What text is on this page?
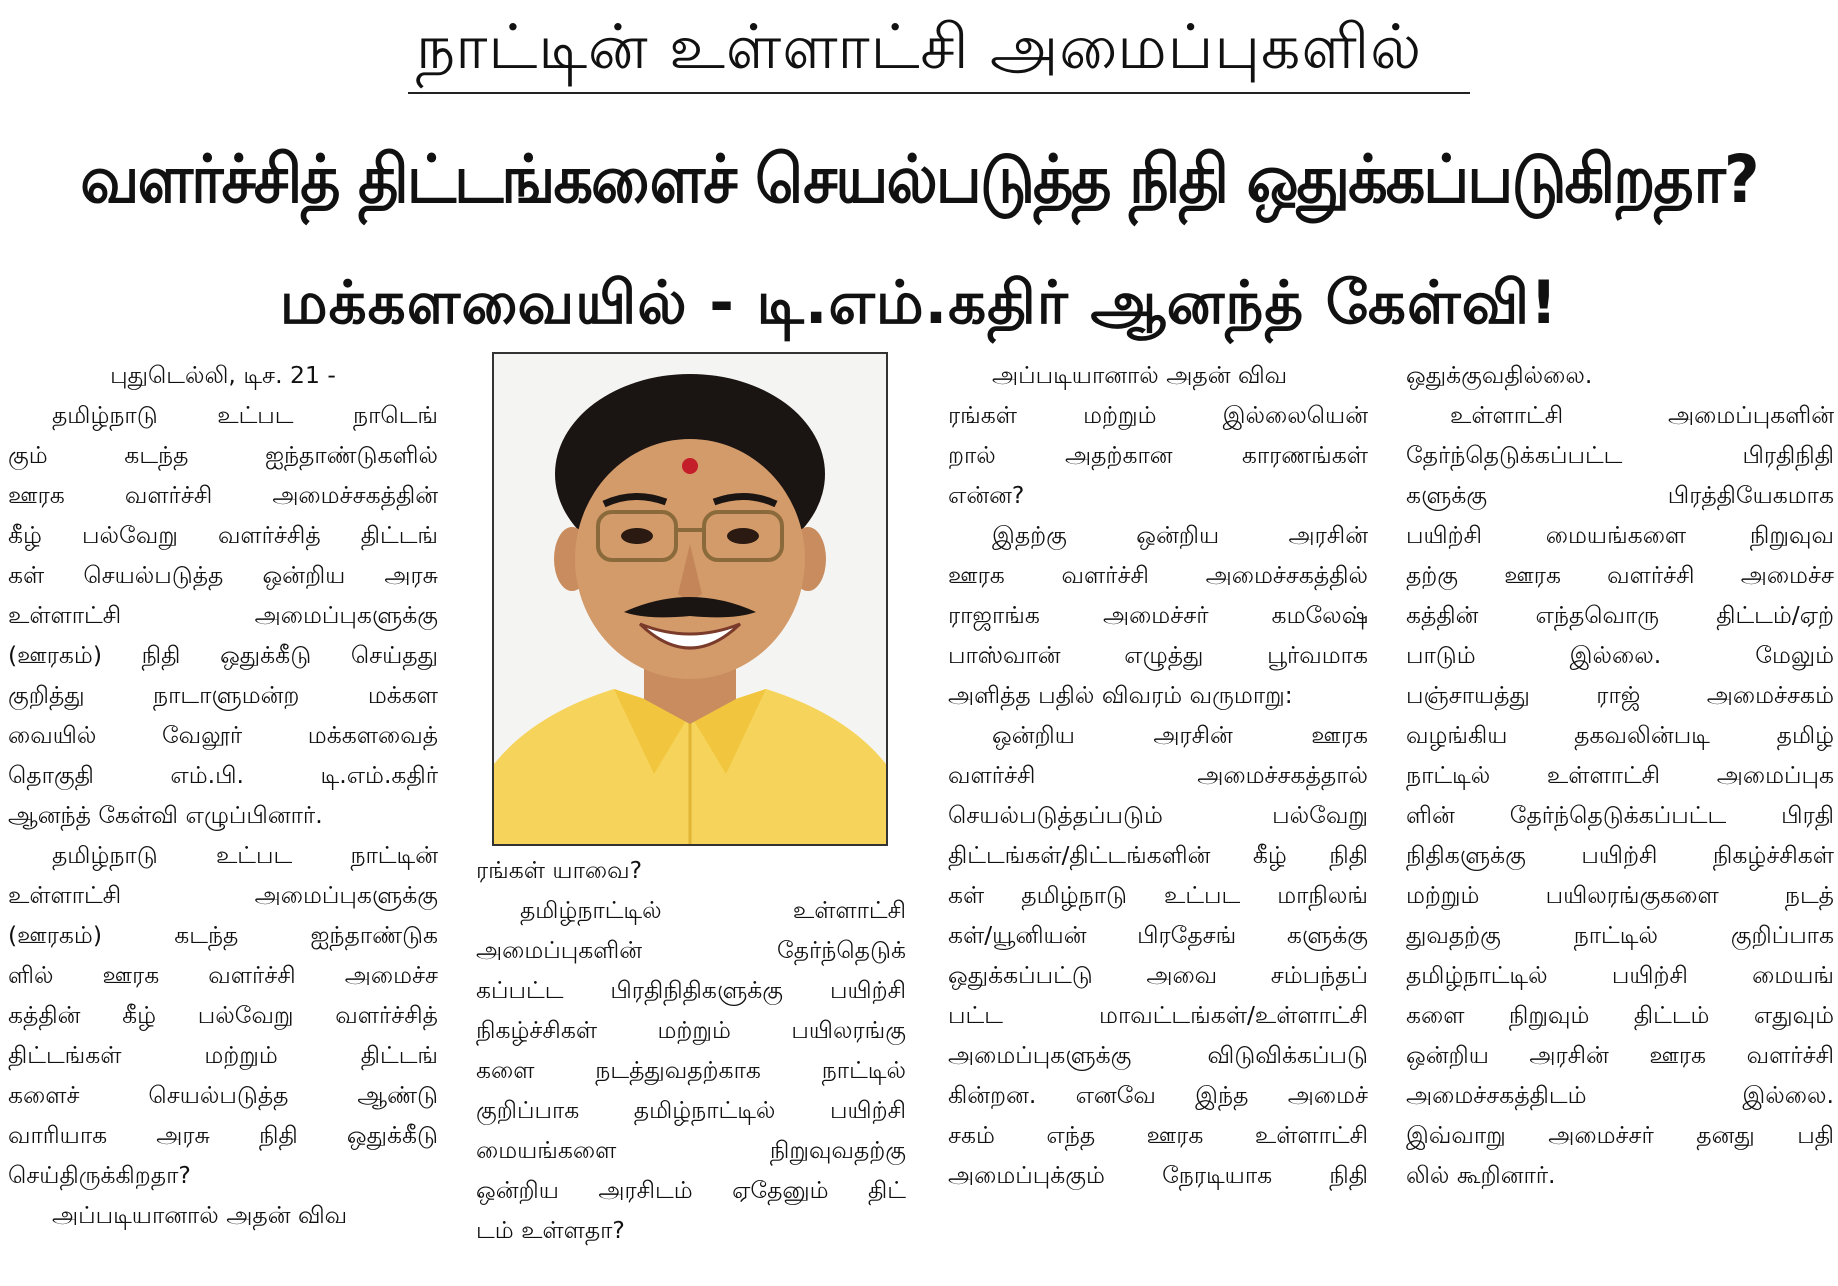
நாட்டின் உள்ளாட்சி அமைப்புகளில்
வளர்ச்சித் திட்டங்களைச் செயல்படுத்த நிதி ஒதுக்கப்படுகிறதா?
மக்களவையில் - டி.எம்.கதிர் ஆனந்த் கேள்வி!
புதுடெல்லி, டிச. 21 -
தமிழ்நாடு உட்பட நாடெங்
கும் கடந்த ஐந்தாண்டுகளில்
ஊரக வளர்ச்சி அமைச்சகத்தின்
கீழ் பல்வேறு வளர்ச்சித் திட்டங்
கள் செயல்படுத்த ஒன்றிய அரசு
உள்ளாட்சி அமைப்புகளுக்கு
(ஊரகம்) நிதி ஒதுக்கீடு செய்தது
குறித்து நாடாளுமன்ற மக்கள
வையில் வேலூர் மக்களவைத்
தொகுதி எம்.பி. டி.எம்.கதிர்
ஆனந்த் கேள்வி எழுப்பினார்.
தமிழ்நாடு உட்பட நாட்டின்
உள்ளாட்சி அமைப்புகளுக்கு
(ஊரகம்) கடந்த ஐந்தாண்டுக
ளில் ஊரக வளர்ச்சி அமைச்ச
கத்தின் கீழ் பல்வேறு வளர்ச்சித்
திட்டங்கள் மற்றும் திட்டங்
களைச் செயல்படுத்த ஆண்டு
வாரியாக அரசு நிதி ஒதுக்கீடு
செய்திருக்கிறதா?
அப்படியானால் அதன் விவ
ரங்கள் யாவை?
தமிழ்நாட்டில் உள்ளாட்சி
அமைப்புகளின் தேர்ந்தெடுக்
கப்பட்ட பிரதிநிதிகளுக்கு பயிற்சி
நிகழ்ச்சிகள் மற்றும் பயிலரங்கு
களை நடத்துவதற்காக நாட்டில்
குறிப்பாக தமிழ்நாட்டில் பயிற்சி
மையங்களை நிறுவுவதற்கு
ஒன்றிய அரசிடம் ஏதேனும் திட்
டம் உள்ளதா?
அப்படியானால் அதன் விவ
ரங்கள் மற்றும் இல்லையென்
றால் அதற்கான காரணங்கள்
என்ன?
இதற்கு ஒன்றிய அரசின்
ஊரக வளர்ச்சி அமைச்சகத்தில்
ராஜாங்க அமைச்சர் கமலேஷ்
பாஸ்வான் எழுத்து பூர்வமாக
அளித்த பதில் விவரம் வருமாறு:
ஒன்றிய அரசின் ஊரக
வளர்ச்சி அமைச்சகத்தால்
செயல்படுத்தப்படும் பல்வேறு
திட்டங்கள்/திட்டங்களின் கீழ் நிதி
கள் தமிழ்நாடு உட்பட மாநிலங்
கள்/யூனியன் பிரதேசங் களுக்கு
ஒதுக்கப்பட்டு அவை சம்பந்தப்
பட்ட மாவட்டங்கள்/உள்ளாட்சி
அமைப்புகளுக்கு விடுவிக்கப்படு
கின்றன. எனவே இந்த அமைச்
சகம் எந்த ஊரக உள்ளாட்சி
அமைப்புக்கும் நேரடியாக நிதி
ஒதுக்குவதில்லை.
உள்ளாட்சி அமைப்புகளின்
தேர்ந்தெடுக்கப்பட்ட பிரதிநிதி
களுக்கு பிரத்தியேகமாக
பயிற்சி மையங்களை நிறுவுவ
தற்கு ஊரக வளர்ச்சி அமைச்ச
கத்தின் எந்தவொரு திட்டம்/ஏற்
பாடும் இல்லை. மேலும்
பஞ்சாயத்து ராஜ் அமைச்சகம்
வழங்கிய தகவலின்படி தமிழ்
நாட்டில் உள்ளாட்சி அமைப்புக
ளின் தேர்ந்தெடுக்கப்பட்ட பிரதி
நிதிகளுக்கு பயிற்சி நிகழ்ச்சிகள்
மற்றும் பயிலரங்குகளை நடத்
துவதற்கு நாட்டில் குறிப்பாக
தமிழ்நாட்டில் பயிற்சி மையங்
களை நிறுவும் திட்டம் எதுவும்
ஒன்றிய அரசின் ஊரக வளர்ச்சி
அமைச்சகத்திடம் இல்லை.
இவ்வாறு அமைச்சர் தனது பதி
லில் கூறினார்.
